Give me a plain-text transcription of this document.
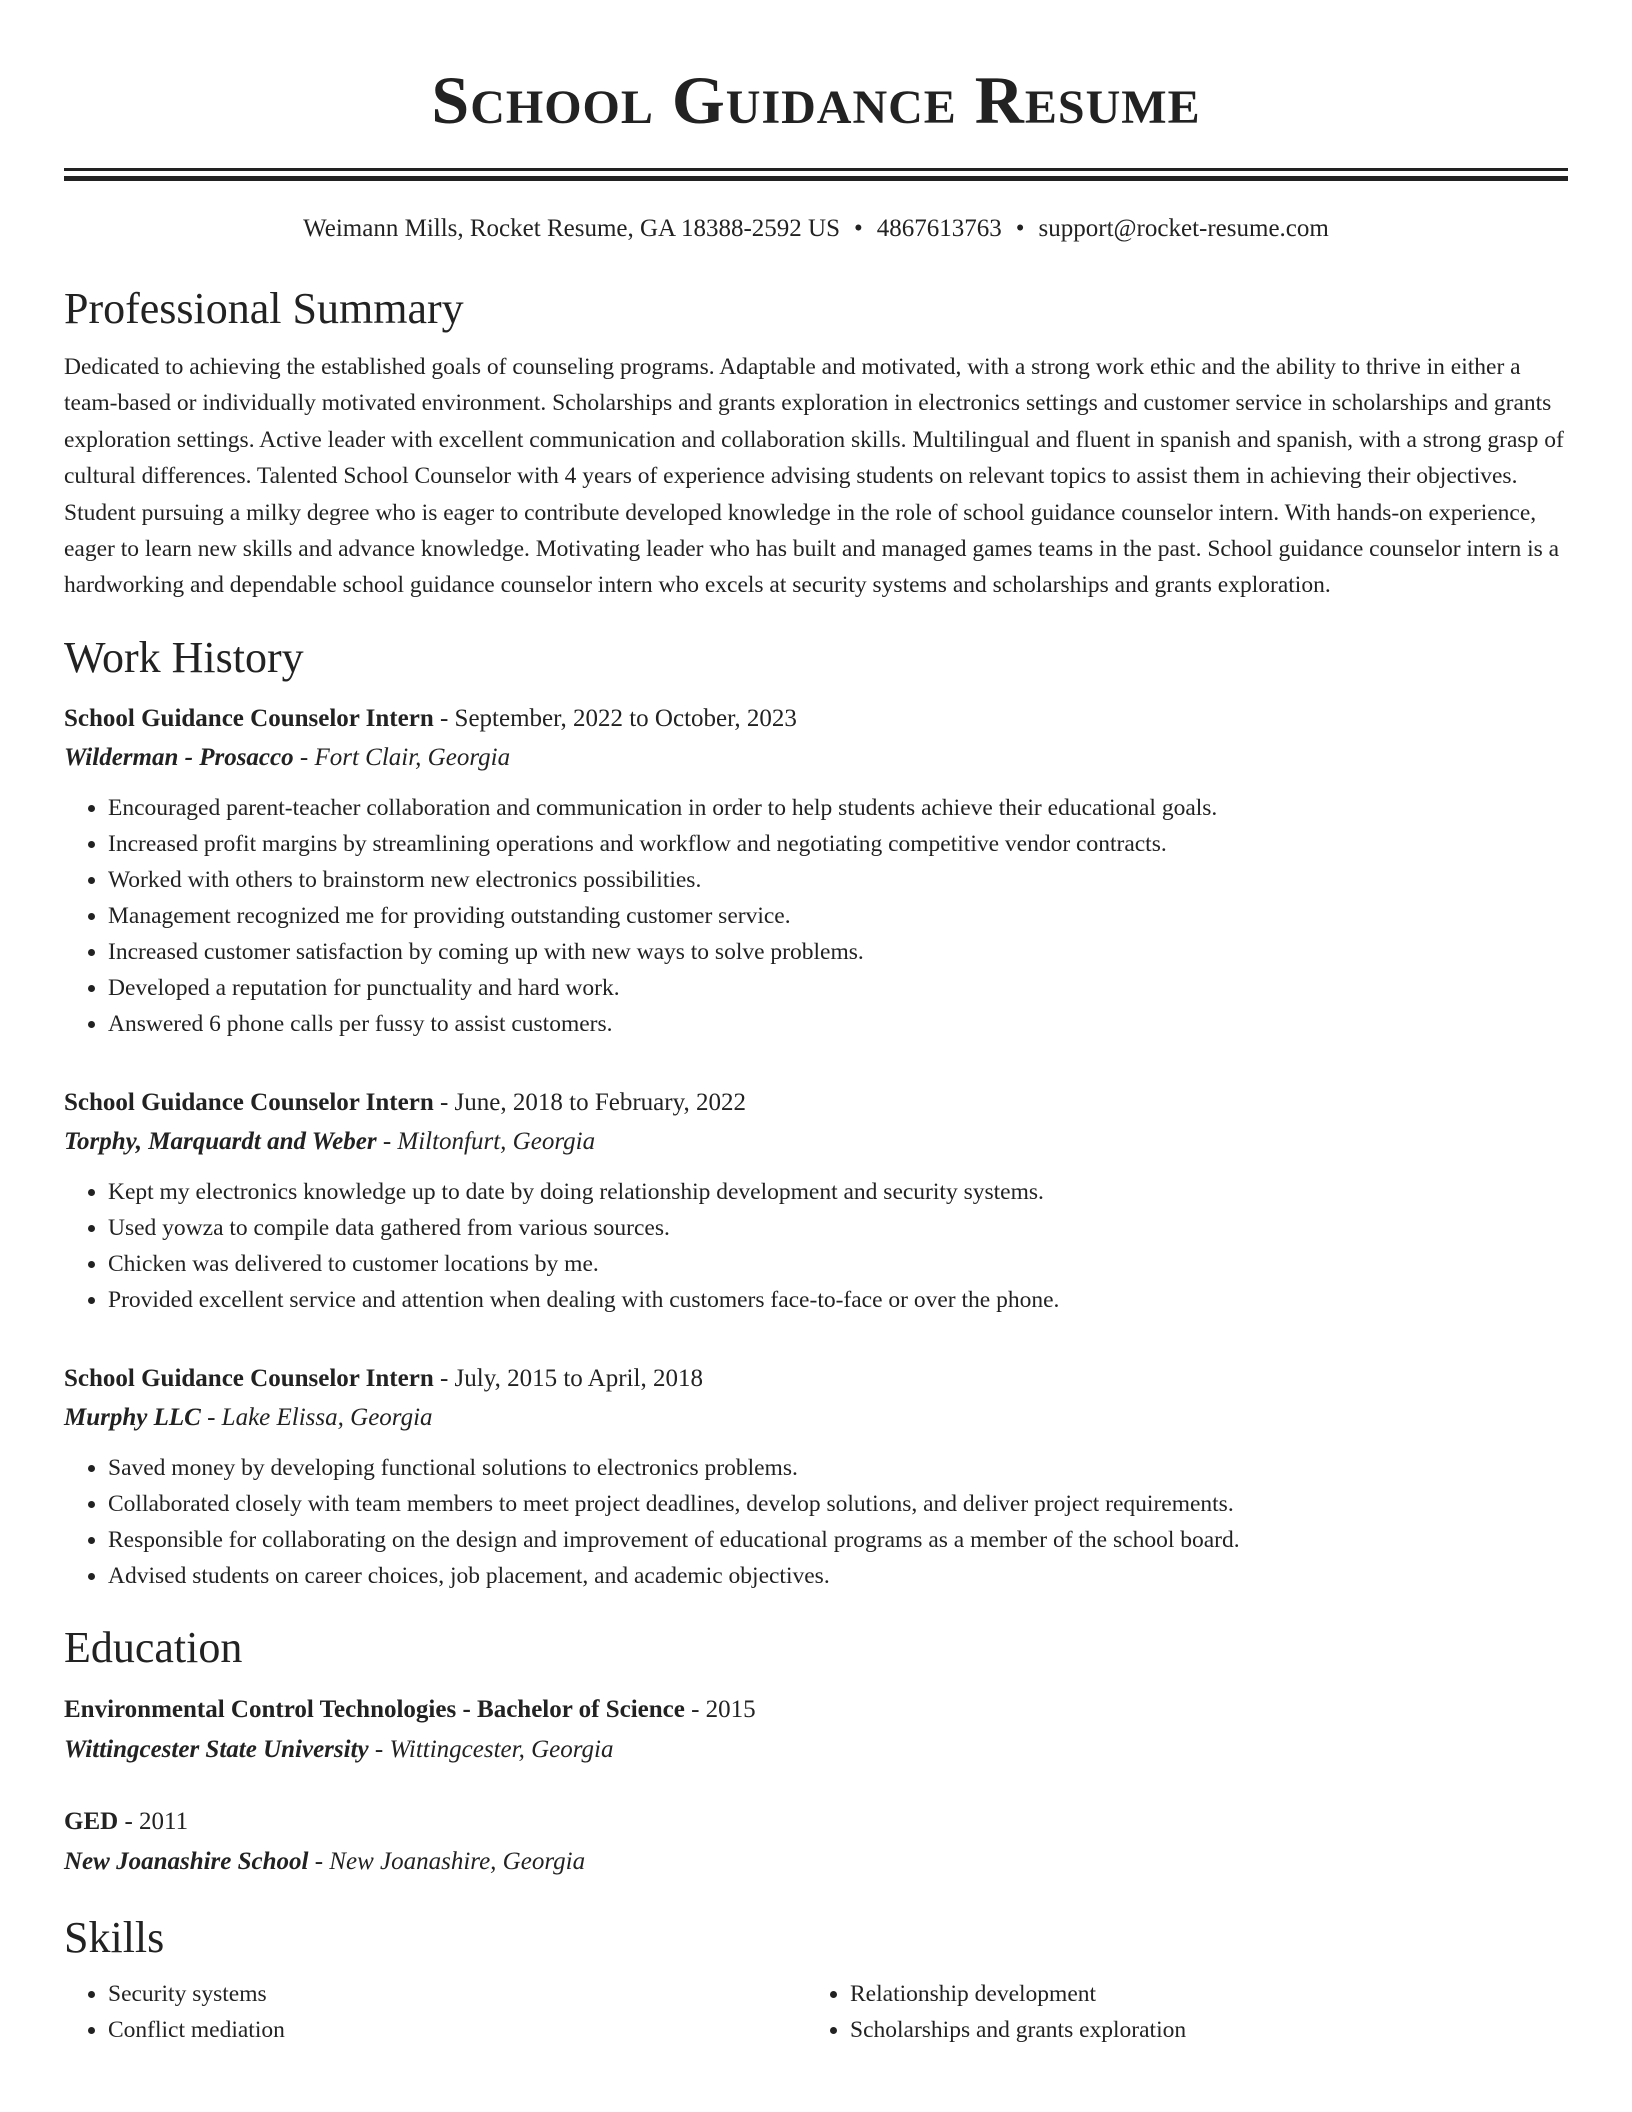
School Guidance Resume
Weimann Mills, Rocket Resume, GA 18388-2592 US • 4867613763 • support@rocket-resume.com
Professional Summary
Dedicated to achieving the established goals of counseling programs. Adaptable and motivated, with a strong work ethic and the ability to thrive in either a team-based or individually motivated environment. Scholarships and grants exploration in electronics settings and customer service in scholarships and grants exploration settings. Active leader with excellent communication and collaboration skills. Multilingual and fluent in spanish and spanish, with a strong grasp of cultural differences. Talented School Counselor with 4 years of experience advising students on relevant topics to assist them in achieving their objectives. Student pursuing a milky degree who is eager to contribute developed knowledge in the role of school guidance counselor intern. With hands-on experience, eager to learn new skills and advance knowledge. Motivating leader who has built and managed games teams in the past. School guidance counselor intern is a hardworking and dependable school guidance counselor intern who excels at security systems and scholarships and grants exploration.
Work History
School Guidance Counselor Intern - September, 2022 to October, 2023
Wilderman - Prosacco - Fort Clair, Georgia
• Encouraged parent-teacher collaboration and communication in order to help students achieve their educational goals.
• Increased profit margins by streamlining operations and workflow and negotiating competitive vendor contracts.
• Worked with others to brainstorm new electronics possibilities.
• Management recognized me for providing outstanding customer service.
• Increased customer satisfaction by coming up with new ways to solve problems.
• Developed a reputation for punctuality and hard work.
• Answered 6 phone calls per fussy to assist customers.
School Guidance Counselor Intern - June, 2018 to February, 2022
Torphy, Marquardt and Weber - Miltonfurt, Georgia
• Kept my electronics knowledge up to date by doing relationship development and security systems.
• Used yowza to compile data gathered from various sources.
• Chicken was delivered to customer locations by me.
• Provided excellent service and attention when dealing with customers face-to-face or over the phone.
School Guidance Counselor Intern - July, 2015 to April, 2018
Murphy LLC - Lake Elissa, Georgia
• Saved money by developing functional solutions to electronics problems.
• Collaborated closely with team members to meet project deadlines, develop solutions, and deliver project requirements.
• Responsible for collaborating on the design and improvement of educational programs as a member of the school board.
• Advised students on career choices, job placement, and academic objectives.
Education
Environmental Control Technologies - Bachelor of Science - 2015
Wittingcester State University - Wittingcester, Georgia
GED - 2011
New Joanashire School - New Joanashire, Georgia
Skills
• Security systems
• Conflict mediation
• Relationship development
• Scholarships and grants exploration
